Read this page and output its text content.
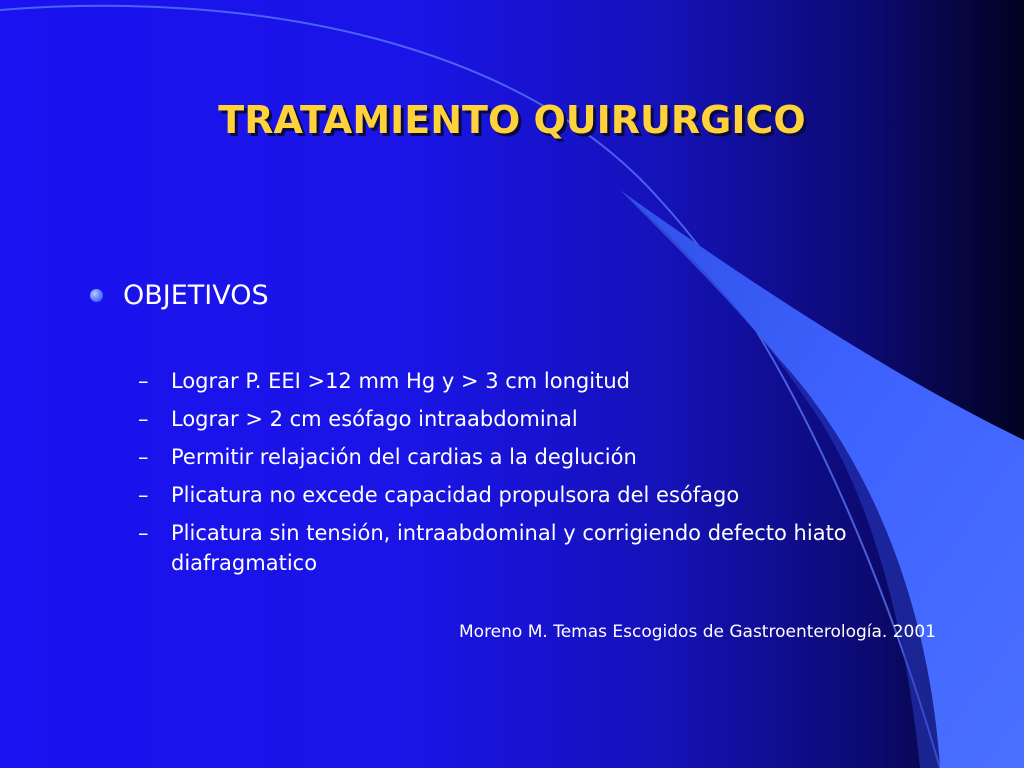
TRATAMIENTO QUIRURGICO
OBJETIVOS
–	Lograr P. EEI >12 mm Hg y > 3 cm longitud
–	Lograr > 2 cm esófago intraabdominal
–	Permitir relajación del cardias a la deglución
–	Plicatura no excede capacidad propulsora del esófago
–	Plicatura sin tensión, intraabdominal y corrigiendo defecto hiato diafragmatico
Moreno M. Temas Escogidos de Gastroenterología. 2001
